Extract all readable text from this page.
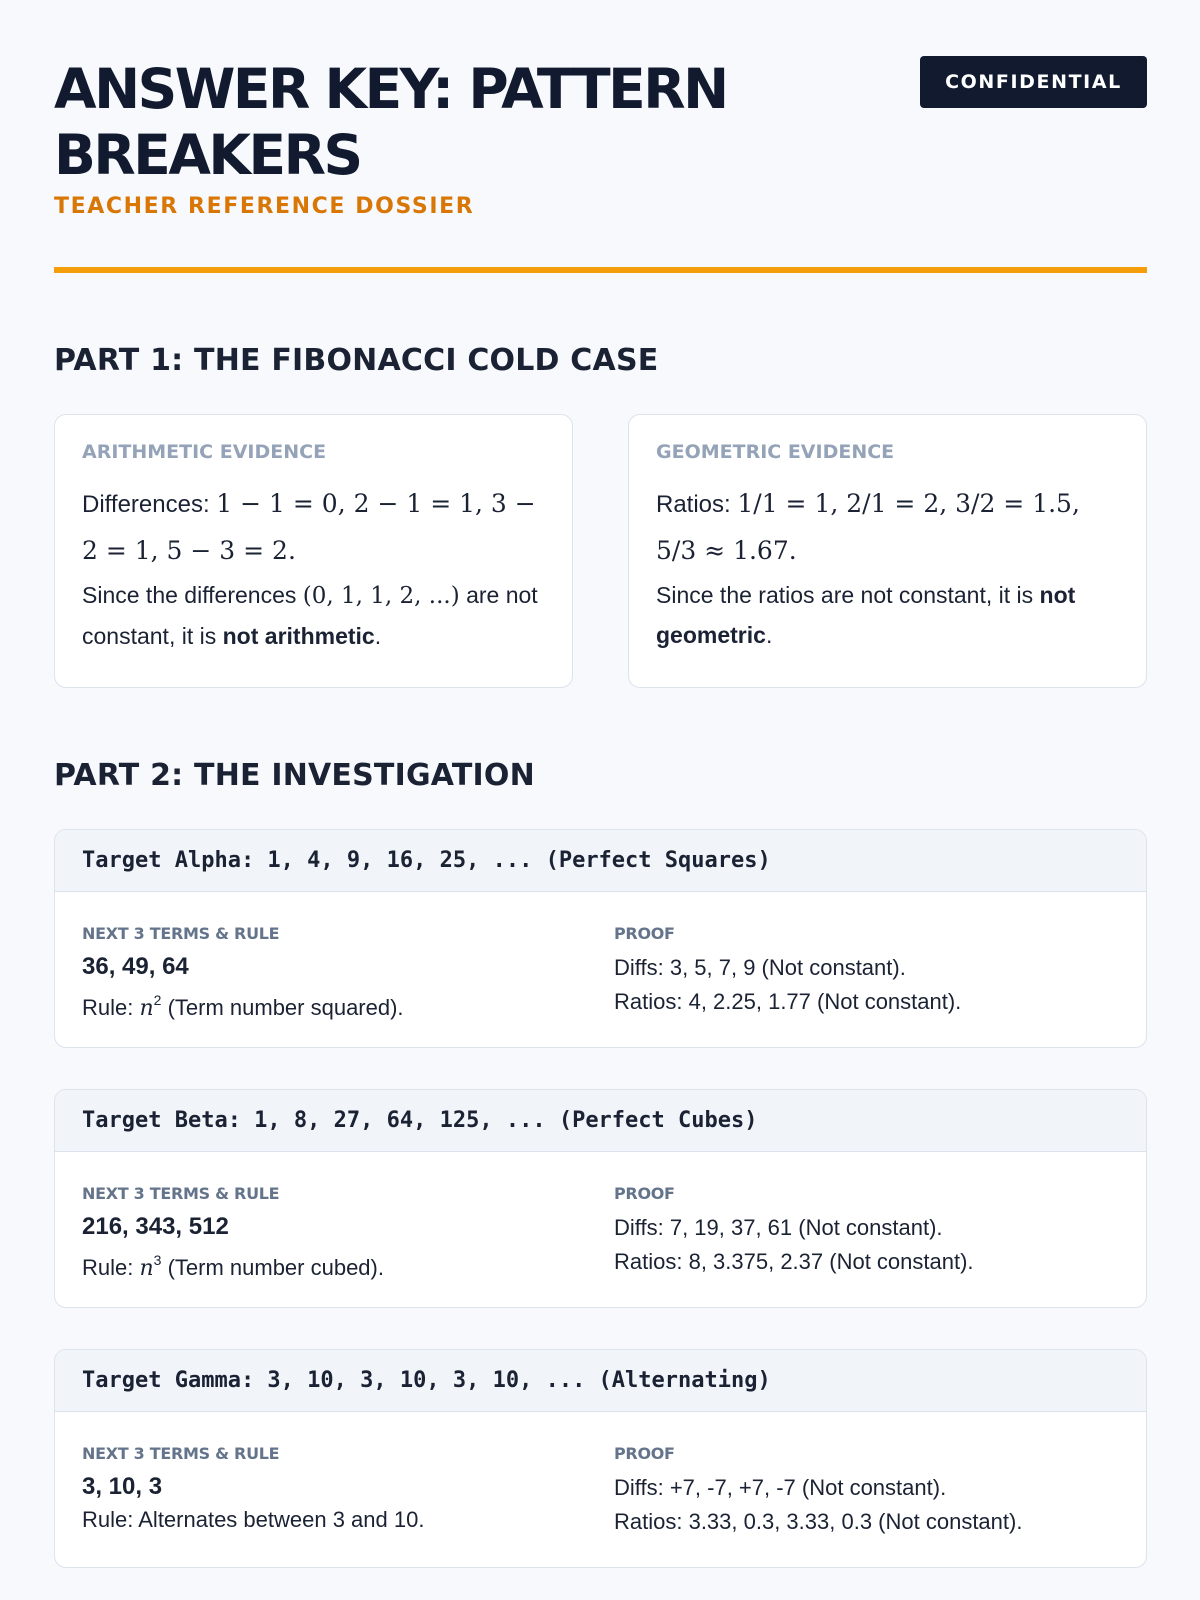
ANSWER KEY: PATTERN BREAKERS
TEACHER REFERENCE DOSSIER
CONFIDENTIAL
PART 1: THE FIBONACCI COLD CASE
ARITHMETIC EVIDENCE
Differences: 1 − 1 = 0, 2 − 1 = 1, 3 − 2 = 1, 5 − 3 = 2.
Since the differences (0, 1, 1, 2, ...) are not constant, it is not arithmetic.
GEOMETRIC EVIDENCE
Ratios: 1/1 = 1, 2/1 = 2, 3/2 = 1.5, 5/3 ≈ 1.67.
Since the ratios are not constant, it is not geometric.
PART 2: THE INVESTIGATION
Target Alpha: 1, 4, 9, 16, 25, ... (Perfect Squares)
NEXT 3 TERMS & RULE
36, 49, 64
Rule: $n^2$ (Term number squared).
PROOF
Diffs: 3, 5, 7, 9 (Not constant).
Ratios: 4, 2.25, 1.77 (Not constant).
Target Beta: 1, 8, 27, 64, 125, ... (Perfect Cubes)
NEXT 3 TERMS & RULE
216, 343, 512
Rule: $n^3$ (Term number cubed).
PROOF
Diffs: 7, 19, 37, 61 (Not constant).
Ratios: 8, 3.375, 2.37 (Not constant).
Target Gamma: 3, 10, 3, 10, 3, 10, ... (Alternating)
NEXT 3 TERMS & RULE
3, 10, 3
Rule: Alternates between 3 and 10.
PROOF
Diffs: +7, -7, +7, -7 (Not constant).
Ratios: 3.33, 0.3, 3.33, 0.3 (Not constant).
